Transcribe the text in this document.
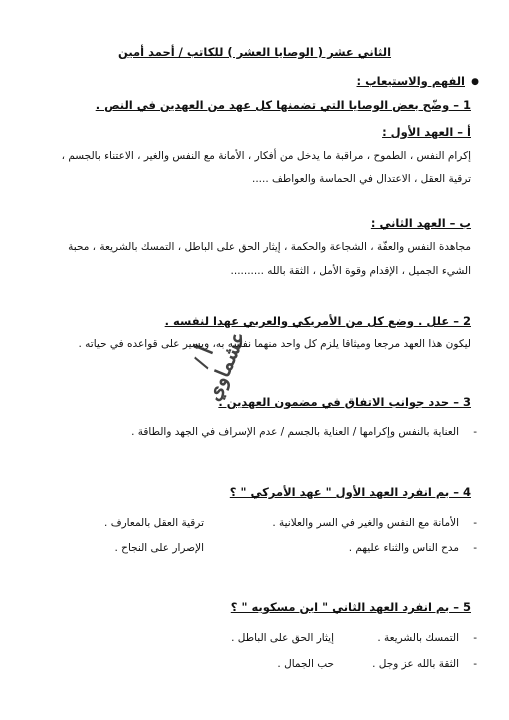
الثاني عشر ( الوصايا العشر ) للكاتب / أحمد أمين
●
الفهم والاستيعاب :
1 – وضّح بعض الوصايا التي تضمنها كل عهد من العهدين في النص .
أ – العهد الأول :
إكرام النفس ، الطموح ، مراقبة ما يدخل من أفكار ، الأمانة مع النفس والغير ، الاعتناء بالجسم ،
ترقية العقل ، الاعتدال في الحماسة والعواطف .....
ب – العهد الثاني :
مجاهدة النفس والعفّة ، الشجاعة والحكمة ، إيثار الحق على الباطل ، التمسك بالشريعة ، محبة
الشيء الجميل ، الإقدام وقوة الأمل ، الثقة بالله ..........
2 – علل . وضع كل من الأمريكي والعربي عهدا لنفسه .
ليكون هذا العهد مرجعا وميثاقا يلزم كل واحد منهما نفسه به، ويسير على قواعده في حياته .
3 – حدد جوانب الاتفاق في مضمون العهدين .
-
العناية بالنفس وإكرامها / العناية بالجسم / عدم الإسراف في الجهد والطاقة .
4 – بم انفرد العهد الأول " عهد الأمركي " ؟
-
الأمانة مع النفس والغير في السر والعلانية .
ترقية العقل بالمعارف .
-
مدح الناس والثناء عليهم .
الإصرار على النجاح .
5 – بم انفرد العهد الثاني " ابن مسكويه " ؟
-
التمسك بالشريعة .
إيثار الحق على الباطل .
-
الثقة بالله عز وجل .
حب الجمال .
أ / عشماوي
